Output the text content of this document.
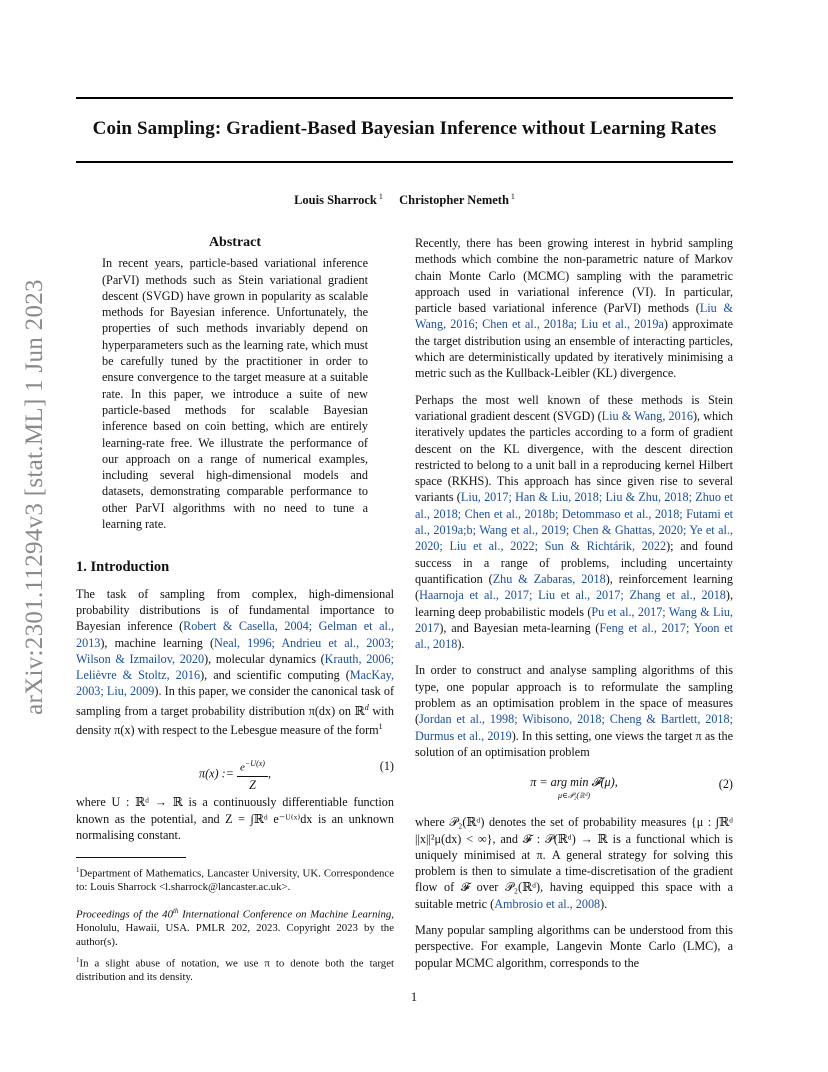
Coin Sampling: Gradient-Based Bayesian Inference without Learning Rates
Louis Sharrock $^1$ Christopher Nemeth $^1$
arXiv:2301.11294v3 [stat.ML] 1 Jun 2023
Abstract

In recent years, particle-based variational inference (ParVI) methods such as Stein variational gradient descent (SVGD) have grown in popularity as scalable methods for Bayesian inference. Unfortunately, the properties of such methods invariably depend on hyperparameters such as the learning rate, which must be carefully tuned by the practitioner in order to ensure convergence to the target measure at a suitable rate. In this paper, we introduce a suite of new particle-based methods for scalable Bayesian inference based on coin betting, which are entirely learning-rate free. We illustrate the performance of our approach on a range of numerical examples, including several high-dimensional models and datasets, demonstrating comparable performance to other ParVI algorithms with no need to tune a learning rate.

1. Introduction

The task of sampling from complex, high-dimensional probability distributions is of fundamental importance to Bayesian inference (Robert & Casella, 2004; Gelman et al., 2013), machine learning (Neal, 1996; Andrieu et al., 2003; Wilson & Izmailov, 2020), molecular dynamics (Krauth, 2006; Lelièvre & Stoltz, 2016), and scientific computing (MacKay, 2003; Liu, 2009). In this paper, we consider the canonical task of sampling from a target probability distribution π(dx) on ℝ$^d$ with density π(x) with respect to the Lebesgue measure of the form$^1$

π(x) := $\frac{e^{-U(x)}}{Z}$ ,
(1)

where U : ℝᵈ → ℝ is a continuously differentiable function known as the potential, and Z = ∫ℝᵈ e⁻ᵁ⁽ˣ⁾dx is an unknown normalising constant.

$^1$Department of Mathematics, Lancaster University, UK. Correspondence to: Louis Sharrock <l.sharrock@lancaster.ac.uk>.

Proceedings of the 40th International Conference on Machine Learning, Honolulu, Hawaii, USA. PMLR 202, 2023. Copyright 2023 by the author(s).

$^1$In a slight abuse of notation, we use π to denote both the target distribution and its density.

Recently, there has been growing interest in hybrid sampling methods which combine the non-parametric nature of Markov chain Monte Carlo (MCMC) sampling with the parametric approach used in variational inference (VI). In particular, particle based variational inference (ParVI) methods (Liu & Wang, 2016; Chen et al., 2018a; Liu et al., 2019a) approximate the target distribution using an ensemble of interacting particles, which are deterministically updated by iteratively minimising a metric such as the Kullback-Leibler (KL) divergence.

Perhaps the most well known of these methods is Stein variational gradient descent (SVGD) (Liu & Wang, 2016), which iteratively updates the particles according to a form of gradient descent on the KL divergence, with the descent direction restricted to belong to a unit ball in a reproducing kernel Hilbert space (RKHS). This approach has since given rise to several variants (Liu, 2017; Han & Liu, 2018; Liu & Zhu, 2018; Zhuo et al., 2018; Chen et al., 2018b; Detommaso et al., 2018; Futami et al., 2019a;b; Wang et al., 2019; Chen & Ghattas, 2020; Ye et al., 2020; Liu et al., 2022; Sun & Richtárik, 2022); and found success in a range of problems, including uncertainty quantification (Zhu & Zabaras, 2018), reinforcement learning (Haarnoja et al., 2017; Liu et al., 2017; Zhang et al., 2018), learning deep probabilistic models (Pu et al., 2017; Wang & Liu, 2017), and Bayesian meta-learning (Feng et al., 2017; Yoon et al., 2018).

In order to construct and analyse sampling algorithms of this type, one popular approach is to reformulate the sampling problem as an optimisation problem in the space of measures (Jordan et al., 1998; Wibisono, 2018; Cheng & Bartlett, 2018; Durmus et al., 2019). In this setting, one views the target π as the solution of an optimisation problem

π = arg min 𝓕(μ),
μ∈𝒫₂(ℝᵈ)
(2)

where 𝒫₂(ℝᵈ) denotes the set of probability measures {μ : ∫ℝᵈ ||x||²μ(dx) < ∞}, and 𝓕 : 𝒫(ℝᵈ) → ℝ is a functional which is uniquely minimised at π. A general strategy for solving this problem is then to simulate a time-discretisation of the gradient flow of 𝓕 over 𝒫₂(ℝᵈ), having equipped this space with a suitable metric (Ambrosio et al., 2008).

Many popular sampling algorithms can be understood from this perspective. For example, Langevin Monte Carlo (LMC), a popular MCMC algorithm, corresponds to the

1
